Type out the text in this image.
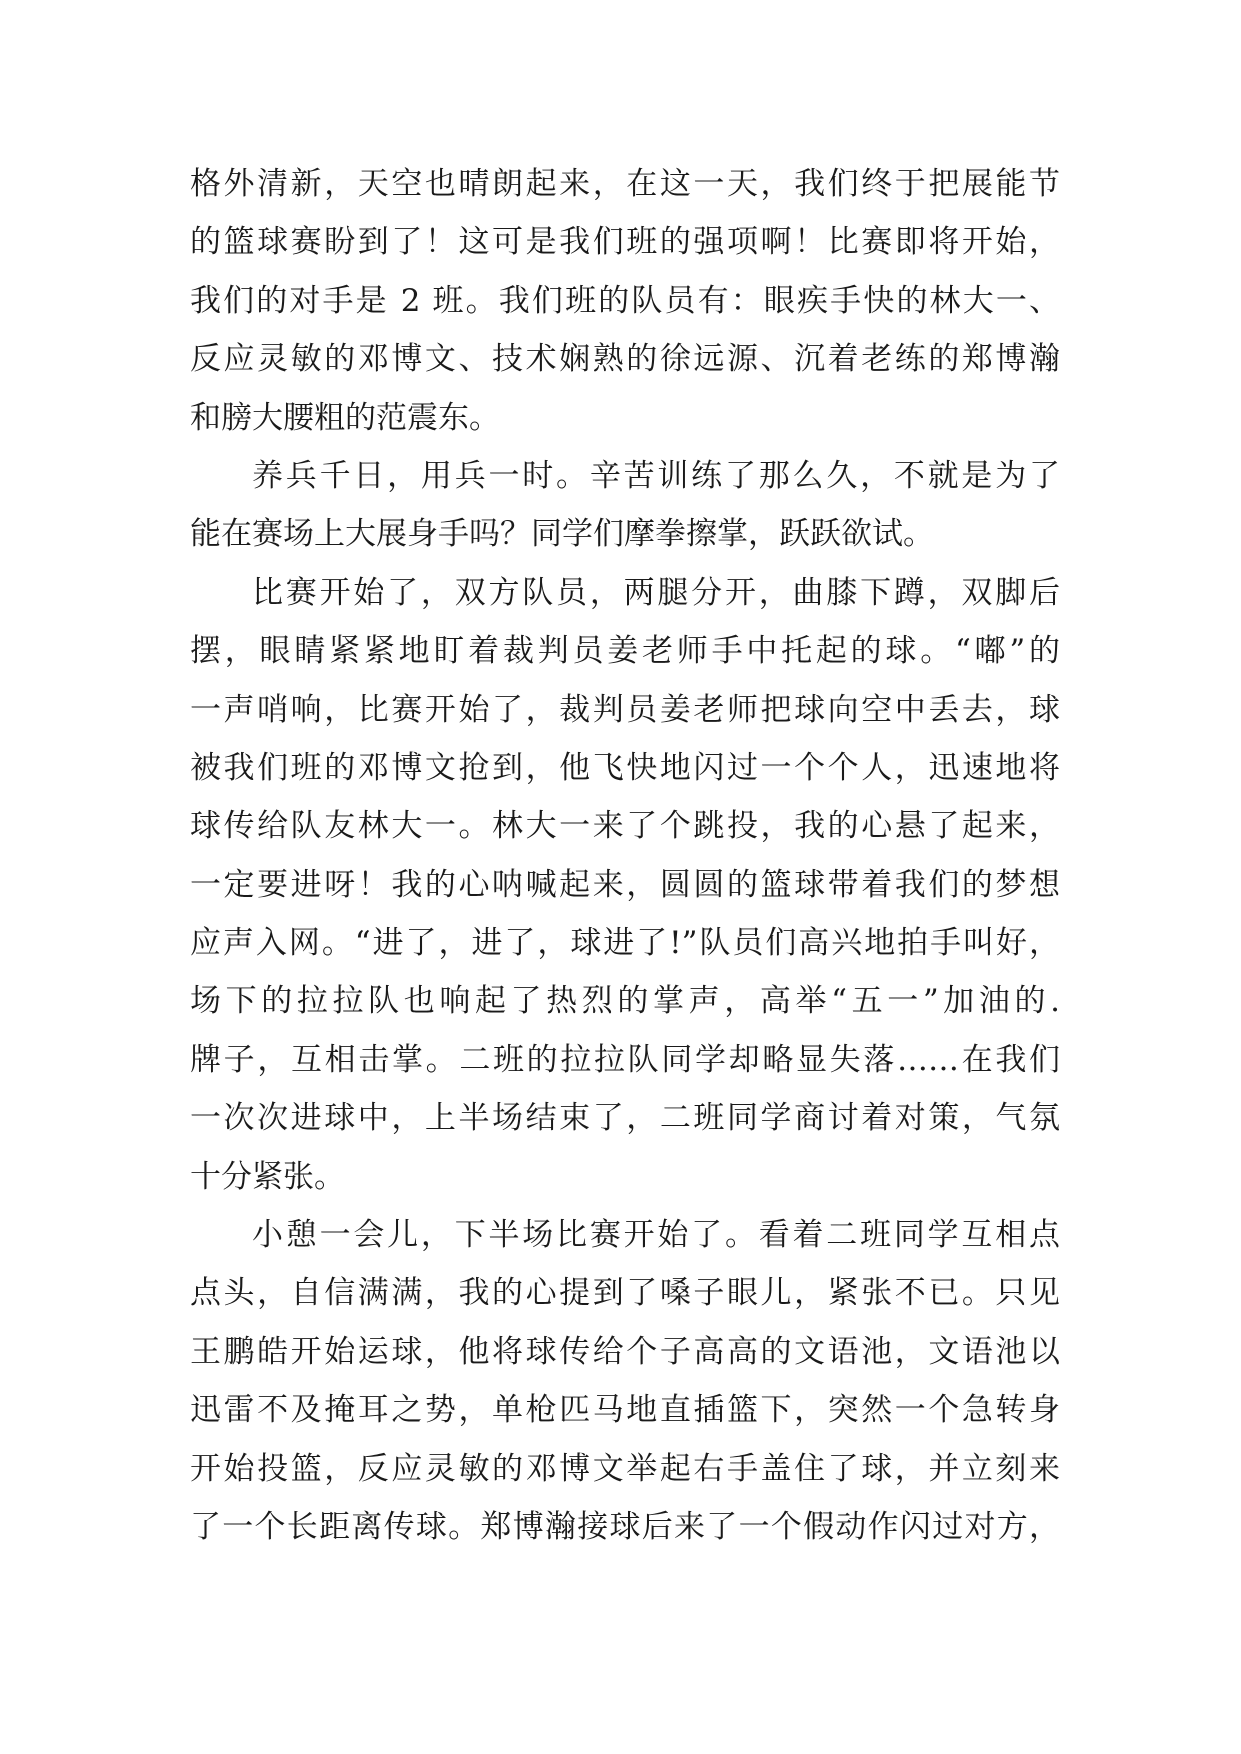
格外清新，天空也晴朗起来，在这一天，我们终于把展能节
的篮球赛盼到了！这可是我们班的强项啊！比赛即将开始，
我们的对手是 2 班。我们班的队员有：眼疾手快的林大一、
反应灵敏的邓博文、技术娴熟的徐远源、沉着老练的郑博瀚
和膀大腰粗的范震东。
养兵千日，用兵一时。辛苦训练了那么久，不就是为了
能在赛场上大展身手吗？同学们摩拳擦掌，跃跃欲试。
比赛开始了，双方队员，两腿分开，曲膝下蹲，双脚后
摆，眼睛紧紧地盯着裁判员姜老师手中托起的球。“嘟”的
一声哨响，比赛开始了，裁判员姜老师把球向空中丢去，球
被我们班的邓博文抢到，他飞快地闪过一个个人，迅速地将
球传给队友林大一。林大一来了个跳投，我的心悬了起来，
一定要进呀！我的心呐喊起来，圆圆的篮球带着我们的梦想
应声入网。“进了，进了，球进了!”队员们高兴地拍手叫好，
场下的拉拉队也响起了热烈的掌声，高举“五一”加油的.
牌子，互相击掌。二班的拉拉队同学却略显失落……在我们
一次次进球中，上半场结束了，二班同学商讨着对策，气氛
十分紧张。
小憩一会儿，下半场比赛开始了。看着二班同学互相点
点头，自信满满，我的心提到了嗓子眼儿，紧张不已。只见
王鹏皓开始运球，他将球传给个子高高的文语池，文语池以
迅雷不及掩耳之势，单枪匹马地直插篮下，突然一个急转身
开始投篮，反应灵敏的邓博文举起右手盖住了球，并立刻来
了一个长距离传球。郑博瀚接球后来了一个假动作闪过对方，
